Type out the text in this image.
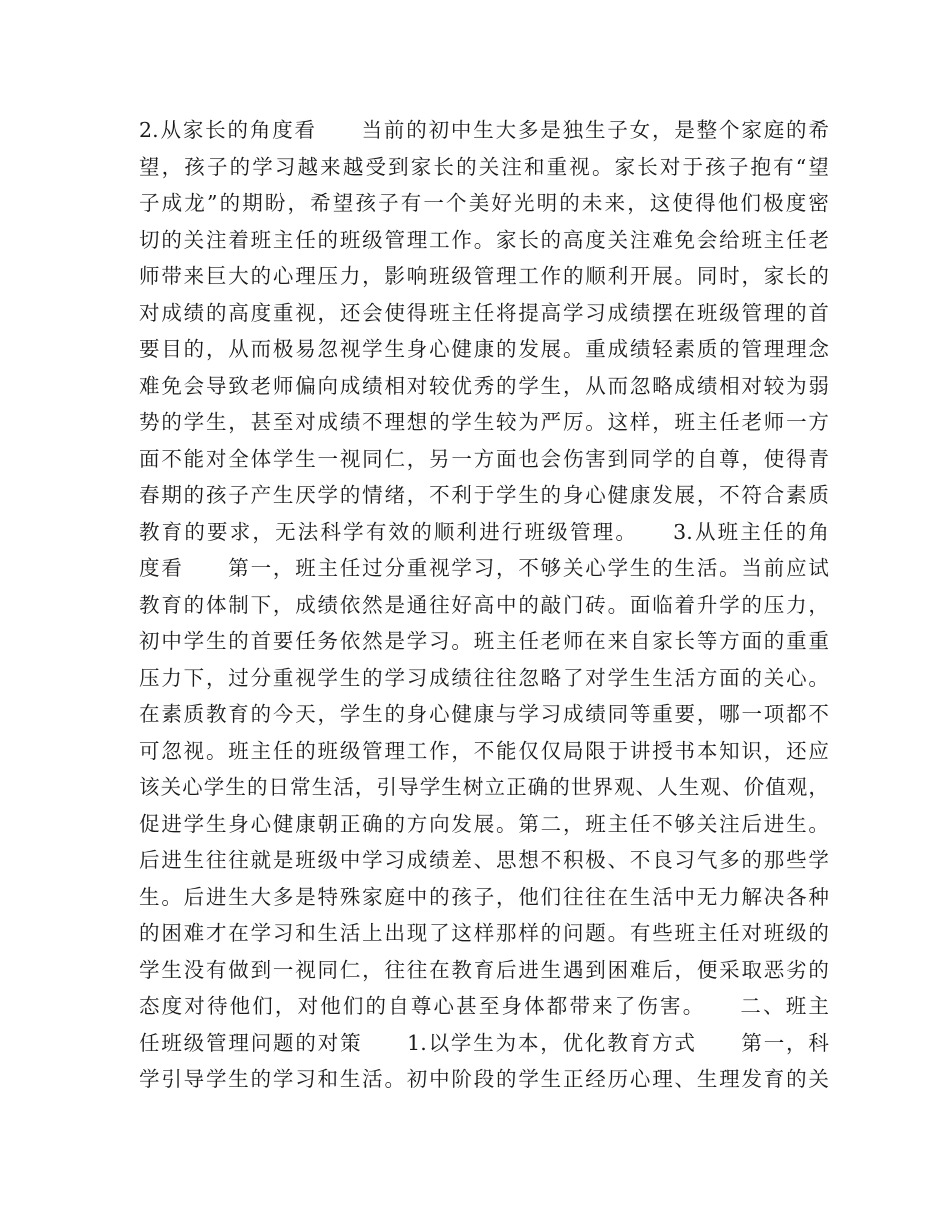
2.从家长的角度看　　当前的初中生大多是独生子女，是整个家庭的希
望，孩子的学习越来越受到家长的关注和重视。家长对于孩子抱有“望
子成龙”的期盼，希望孩子有一个美好光明的未来，这使得他们极度密
切的关注着班主任的班级管理工作。家长的高度关注难免会给班主任老
师带来巨大的心理压力，影响班级管理工作的顺利开展。同时，家长的
对成绩的高度重视，还会使得班主任将提高学习成绩摆在班级管理的首
要目的，从而极易忽视学生身心健康的发展。重成绩轻素质的管理理念
难免会导致老师偏向成绩相对较优秀的学生，从而忽略成绩相对较为弱
势的学生，甚至对成绩不理想的学生较为严厉。这样，班主任老师一方
面不能对全体学生一视同仁，另一方面也会伤害到同学的自尊，使得青
春期的孩子产生厌学的情绪，不利于学生的身心健康发展，不符合素质
教育的要求，无法科学有效的顺利进行班级管理。　　3.从班主任的角
度看　　第一，班主任过分重视学习，不够关心学生的生活。当前应试
教育的体制下，成绩依然是通往好高中的敲门砖。面临着升学的压力，
初中学生的首要任务依然是学习。班主任老师在来自家长等方面的重重
压力下，过分重视学生的学习成绩往往忽略了对学生生活方面的关心。
在素质教育的今天，学生的身心健康与学习成绩同等重要，哪一项都不
可忽视。班主任的班级管理工作，不能仅仅局限于讲授书本知识，还应
该关心学生的日常生活，引导学生树立正确的世界观、人生观、价值观，
促进学生身心健康朝正确的方向发展。第二，班主任不够关注后进生。
后进生往往就是班级中学习成绩差、思想不积极、不良习气多的那些学
生。后进生大多是特殊家庭中的孩子，他们往往在生活中无力解决各种
的困难才在学习和生活上出现了这样那样的问题。有些班主任对班级的
学生没有做到一视同仁，往往在教育后进生遇到困难后，便采取恶劣的
态度对待他们，对他们的自尊心甚至身体都带来了伤害。　　二、班主
任班级管理问题的对策　　1.以学生为本，优化教育方式　　第一，科
学引导学生的学习和生活。初中阶段的学生正经历心理、生理发育的关
